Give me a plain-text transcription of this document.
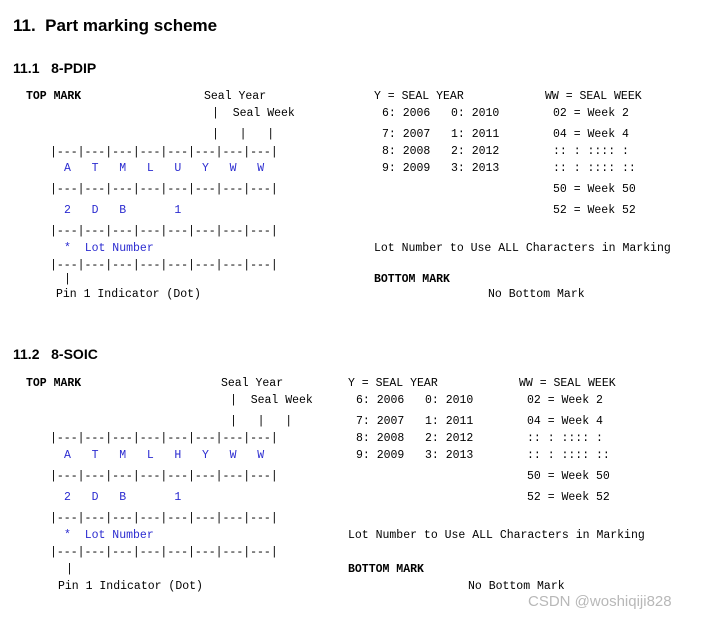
11.  Part marking scheme
11.1   8-PDIP
TOP MARK	Seal Year
|  Seal Week
|   |   |
|---|---|---|---|---|---|---|---|
A   T   M   L   U   Y   W   W
|---|---|---|---|---|---|---|---|
2   D   B       1
|---|---|---|---|---|---|---|---|
*  Lot Number
|---|---|---|---|---|---|---|---|
|
Pin 1 Indicator (Dot)
Y = SEAL YEAR
6: 2006   0: 2010
7: 2007   1: 2011
8: 2008   2: 2012
9: 2009   3: 2013
WW = SEAL WEEK
02 = Week 2
04 = Week 4
:: : :::: :
:: : :::: ::
50 = Week 50
52 = Week 52
Lot Number to Use ALL Characters in Marking
BOTTOM MARK
No Bottom Mark
11.2   8-SOIC
TOP MARK	Seal Year
|  Seal Week
|   |   |
|---|---|---|---|---|---|---|---|
A   T   M   L   H   Y   W   W
|---|---|---|---|---|---|---|---|
2   D   B       1
|---|---|---|---|---|---|---|---|
*  Lot Number
|---|---|---|---|---|---|---|---|
|
Pin 1 Indicator (Dot)
Y = SEAL YEAR
6: 2006   0: 2010
7: 2007   1: 2011
8: 2008   2: 2012
9: 2009   3: 2013
WW = SEAL WEEK
02 = Week 2
04 = Week 4
:: : :::: :
:: : :::: ::
50 = Week 50
52 = Week 52
Lot Number to Use ALL Characters in Marking
BOTTOM MARK
No Bottom Mark
CSDN @woshiqiji828
